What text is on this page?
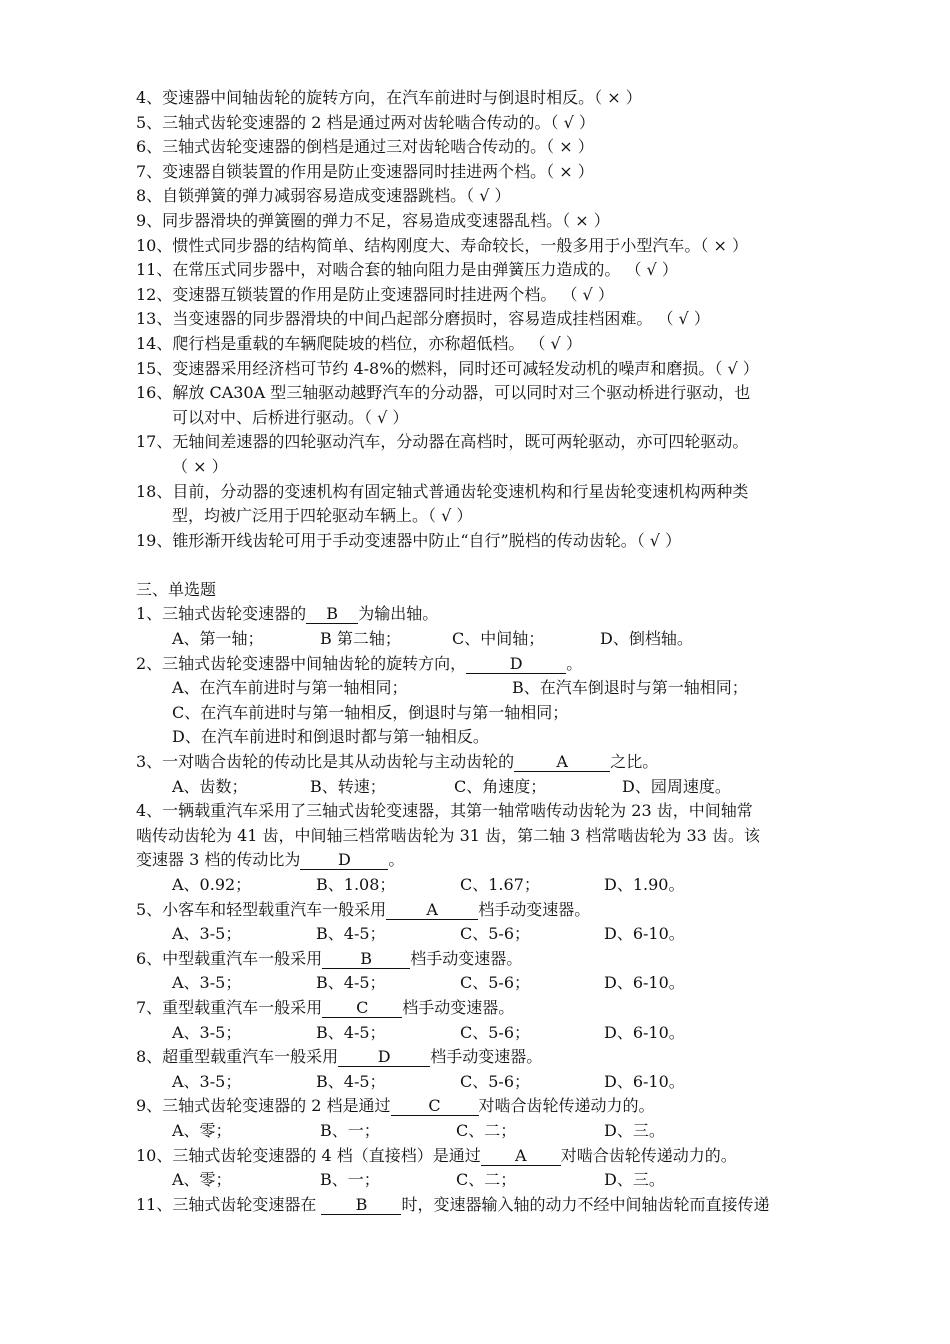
4、变速器中间轴齿轮的旋转方向，在汽车前进时与倒退时相反。（ × ）
5、三轴式齿轮变速器的 2 档是通过两对齿轮啮合传动的。（ √ ）
6、三轴式齿轮变速器的倒档是通过三对齿轮啮合传动的。（ × ）
7、变速器自锁装置的作用是防止变速器同时挂进两个档。（ × ）
8、自锁弹簧的弹力减弱容易造成变速器跳档。（ √ ）
9、同步器滑块的弹簧圈的弹力不足，容易造成变速器乱档。（ × ）
10、惯性式同步器的结构简单、结构刚度大、寿命较长，一般多用于小型汽车。（ × ）
11、在常压式同步器中，对啮合套的轴向阻力是由弹簧压力造成的。 （ √ ）
12、变速器互锁装置的作用是防止变速器同时挂进两个档。 （ √ ）
13、当变速器的同步器滑块的中间凸起部分磨损时，容易造成挂档困难。 （ √ ）
14、爬行档是重载的车辆爬陡坡的档位，亦称超低档。 （ √ ）
15、变速器采用经济档可节约 4-8%的燃料，同时还可减轻发动机的噪声和磨损。（ √ ）
16、解放 CA30A 型三轴驱动越野汽车的分动器，可以同时对三个驱动桥进行驱动，也
可以对中、后桥进行驱动。（ √ ）
17、无轴间差速器的四轮驱动汽车，分动器在高档时，既可两轮驱动，亦可四轮驱动。
（ × ）
18、目前，分动器的变速机构有固定轴式普通齿轮变速机构和行星齿轮变速机构两种类
型，均被广泛用于四轮驱动车辆上。（ √ ）
19、锥形渐开线齿轮可用于手动变速器中防止“自行”脱档的传动齿轮。（ √ ）
三、单选题
1、三轴式齿轮变速器的 B 为输出轴。
A、第一轴；	B 第二轴；	C、中间轴；	D、倒档轴。
2、三轴式齿轮变速器中间轴齿轮的旋转方向，	D	。
A、在汽车前进时与第一轴相同；	B、在汽车倒退时与第一轴相同；
C、在汽车前进时与第一轴相反，倒退时与第一轴相同；
D、在汽车前进时和倒退时都与第一轴相反。
3、一对啮合齿轮的传动比是其从动齿轮与主动齿轮的	A	之比。
A、齿数；	B、转速；	C、角速度；	D、园周速度。
4、一辆载重汽车采用了三轴式齿轮变速器，其第一轴常啮传动齿轮为 23 齿，中间轴常
啮传动齿轮为 41 齿，中间轴三档常啮齿轮为 31 齿，第二轴 3 档常啮齿轮为 33 齿。该
变速器 3 档的传动比为 D 。
A、0.92；	B、1.08；	C、1.67；	D、1.90。
5、小客车和轻型载重汽车一般采用	A	档手动变速器。
A、3-5；	B、4-5；	C、5-6；	D、6-10。
6、中型载重汽车一般采用 B 档手动变速器。
A、3-5；	B、4-5；	C、5-6；	D、6-10。
7、重型载重汽车一般采用 C 档手动变速器。
A、3-5；	B、4-5；	C、5-6；	D、6-10。
8、超重型载重汽车一般采用 D 档手动变速器。
A、3-5；	B、4-5；	C、5-6；	D、6-10。
9、三轴式齿轮变速器的 2 档是通过 C 对啮合齿轮传递动力的。
A、零；	B、一；	C、二；	D、三。
10、三轴式齿轮变速器的 4 档（直接档）是通过 A 对啮合齿轮传递动力的。
A、零；	B、一；	C、二；	D、三。
11、三轴式齿轮变速器在 B 时，变速器输入轴的动力不经中间轴齿轮而直接传递
